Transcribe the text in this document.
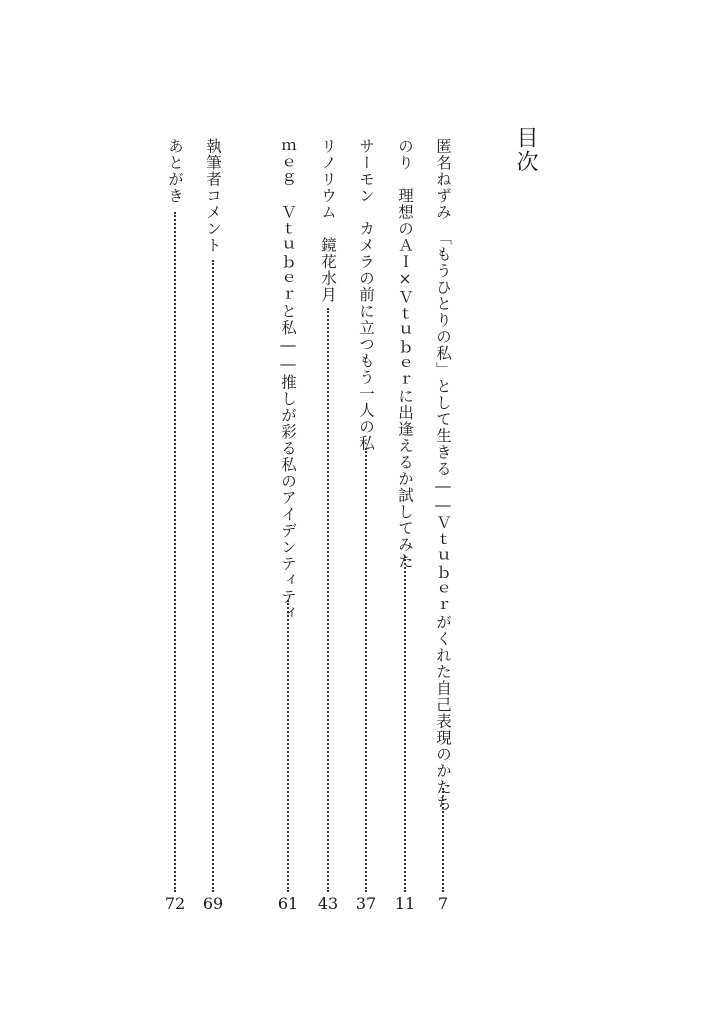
目次
匿名ねずみ　「もうひとりの私」として生きる――Ｖｔｕｂｅｒがくれた自己表現のかたち
7
のり　理想のＡＩ×Ｖｔｕｂｅｒに出逢えるか試してみた
11
サーモン　カメラの前に立つもう一人の私
37
リノリウム　鏡花水月
43
ｍｅｇ　Ｖｔｕｂｅｒと私――推しが彩る私のアイデンティティ
61
執筆者コメント
69
あとがき
72
